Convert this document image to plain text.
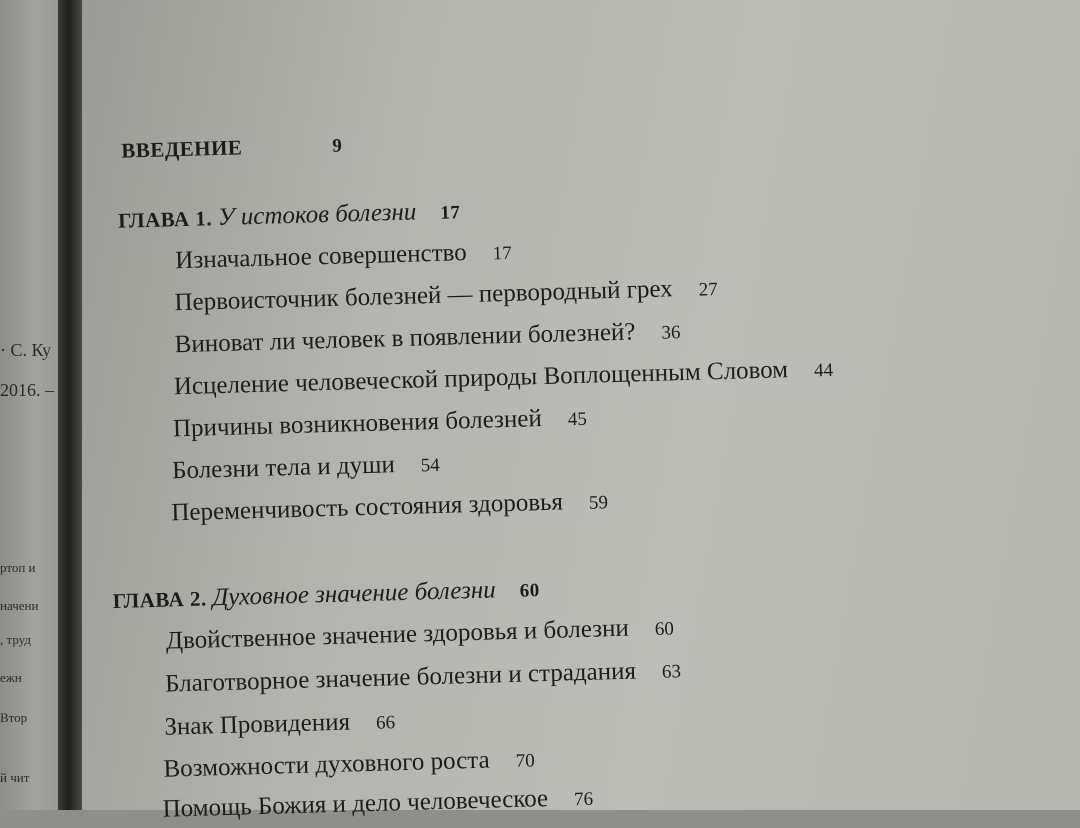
· С. Ку
2016. –
ртоп и
начени
, труд
ежн
Втор
й чит
ВВЕДЕНИЕ	9
ГЛАВА 1. У истоков болезни 17
Изначальное совершенство 17
Первоисточник болезней — первородный грех 27
Виноват ли человек в появлении болезней? 36
Исцеление человеческой природы Воплощенным Словом 44
Причины возникновения болезней 45
Болезни тела и души 54
Переменчивость состояния здоровья 59
ГЛАВА 2. Духовное значение болезни 60
Двойственное значение здоровья и болезни 60
Благотворное значение болезни и страдания 63
Знак Провидения 66
Возможности духовного роста 70
Помощь Божия и дело человеческое 76
